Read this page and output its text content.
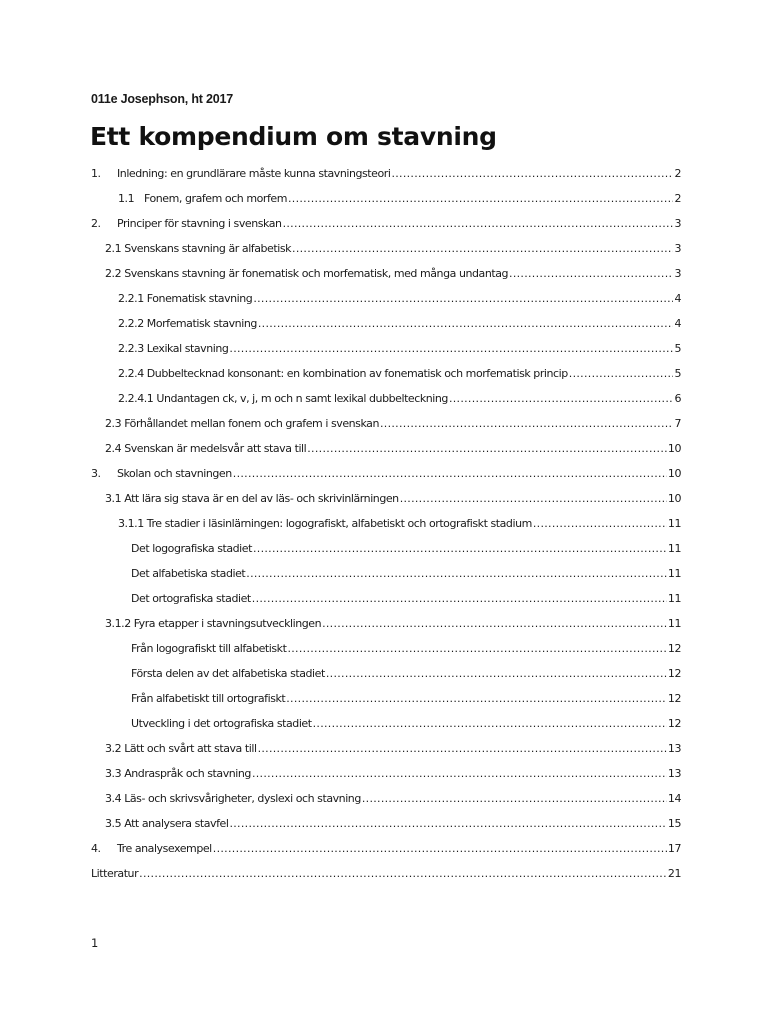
011e Josephson, ht 2017
Ett kompendium om stavning
1.	Inledning: en grundlärare måste kunna stavningsteori .....	2
1.1 Fonem, grafem och morfem .....	2
2.	Principer för stavning i svenskan .....	3
2.1 Svenskans stavning är alfabetisk .....	3
2.2 Svenskans stavning är fonematisk och morfematisk, med många undantag .....	3
2.2.1 Fonematisk stavning .....	4
2.2.2 Morfematisk stavning .....	4
2.2.3 Lexikal stavning .....	5
2.2.4 Dubbeltecknad konsonant: en kombination av fonematisk och morfematisk princip .....	5
2.2.4.1 Undantagen ck, v, j, m och n samt lexikal dubbelteckning .....	6
2.3 Förhållandet mellan fonem och grafem i svenskan .....	7
2.4 Svenskan är medelsvår att stava till .....	10
3.	Skolan och stavningen .....	10
3.1 Att lära sig stava är en del av läs- och skrivinlärningen .....	10
3.1.1 Tre stadier i läsinlärningen: logografiskt, alfabetiskt och ortografiskt stadium .....	11
Det logografiska stadiet .....	11
Det alfabetiska stadiet .....	11
Det ortografiska stadiet .....	11
3.1.2 Fyra etapper i stavningsutvecklingen .....	11
Från logografiskt till alfabetiskt .....	12
Första delen av det alfabetiska stadiet .....	12
Från alfabetiskt till ortografiskt .....	12
Utveckling i det ortografiska stadiet .....	12
3.2 Lätt och svårt att stava till .....	13
3.3 Andraspråk och stavning .....	13
3.4 Läs- och skrivsvårigheter, dyslexi och stavning .....	14
3.5 Att analysera stavfel .....	15
4.	Tre analysexempel .....	17
Litteratur .....	21
1
